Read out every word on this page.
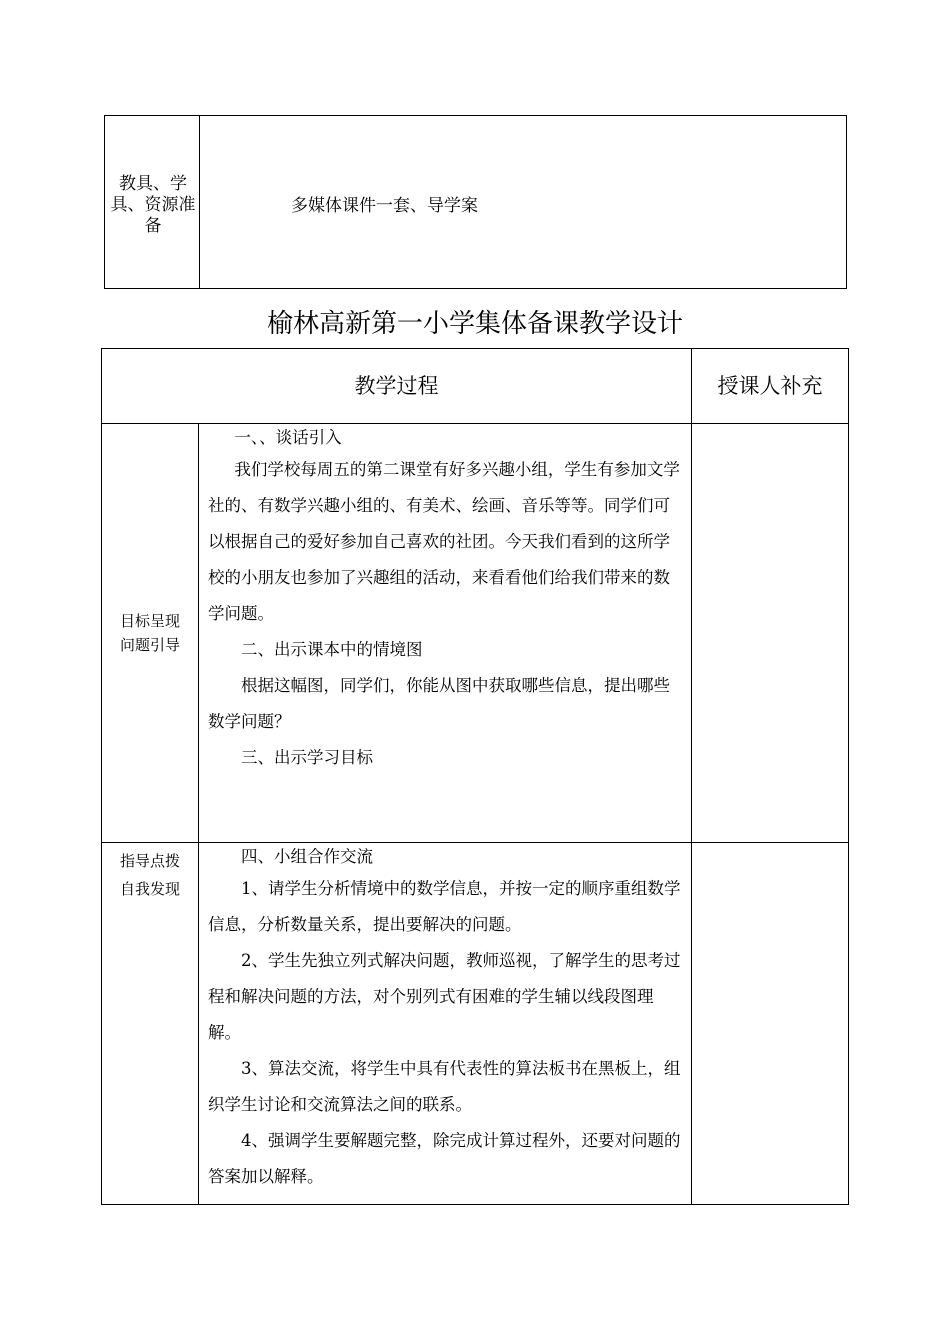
教具、学具、资源准备
多媒体课件一套、导学案
榆林高新第一小学集体备课教学设计
教学过程	授课人补充
目标呈现
问题引导

一、、谈话引入

我们学校每周五的第二课堂有好多兴趣小组，学生有参加文学社的、有数学兴趣小组的、有美术、绘画、音乐等等。同学们可以根据自己的爱好参加自己喜欢的社团。今天我们看到的这所学校的小朋友也参加了兴趣组的活动，来看看他们给我们带来的数学问题。

二、出示课本中的情境图

根据这幅图，同学们，你能从图中获取哪些信息，提出哪些数学问题？

三、出示学习目标

指导点拨
自我发现

四、小组合作交流

1、请学生分析情境中的数学信息，并按一定的顺序重组数学信息，分析数量关系，提出要解决的问题。

2、学生先独立列式解决问题，教师巡视，了解学生的思考过程和解决问题的方法，对个别列式有困难的学生辅以线段图理解。

3、算法交流，将学生中具有代表性的算法板书在黑板上，组织学生讨论和交流算法之间的联系。

4、强调学生要解题完整，除完成计算过程外，还要对问题的答案加以解释。
